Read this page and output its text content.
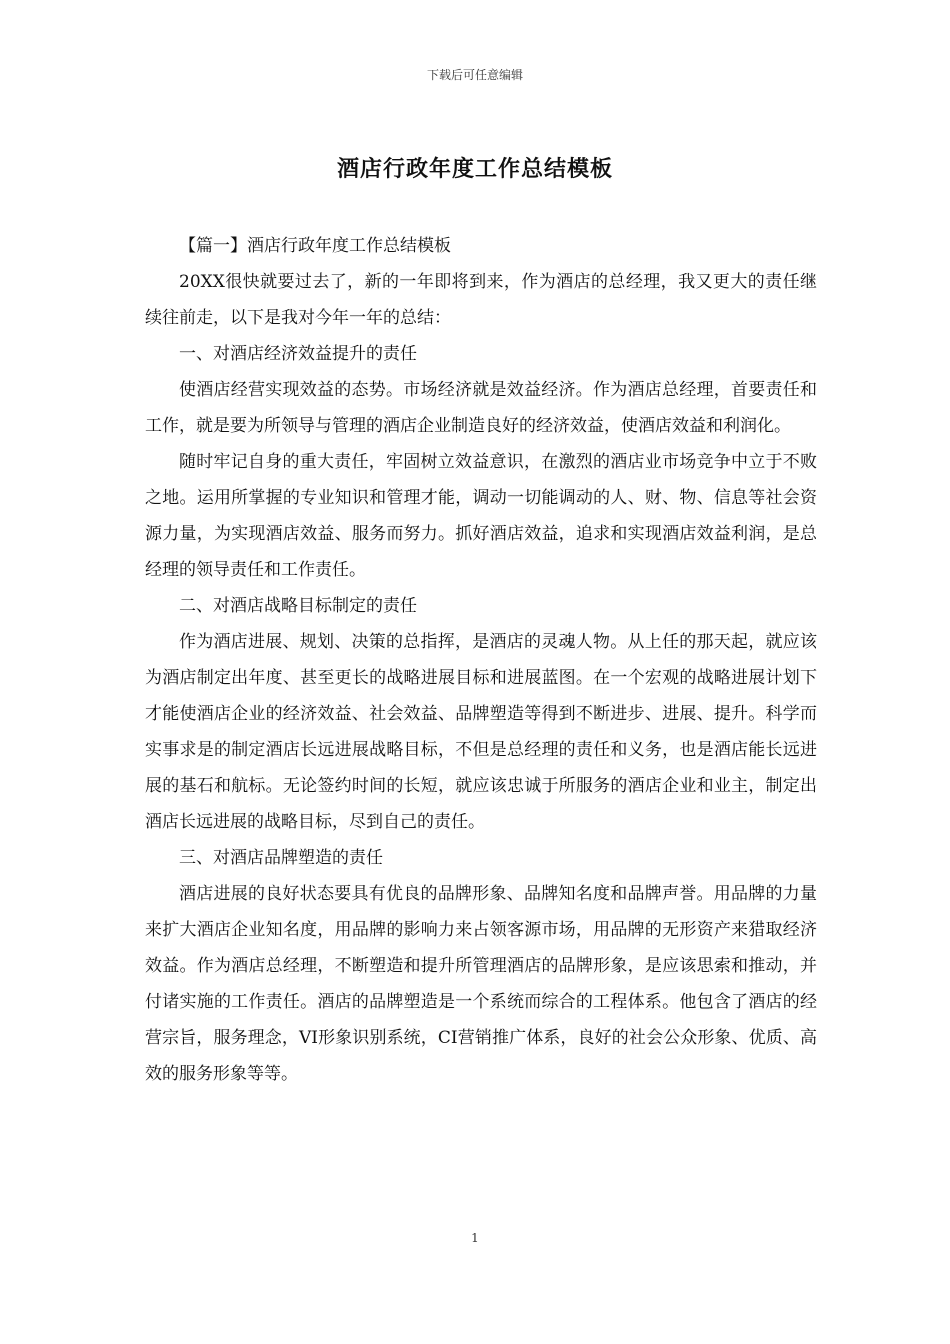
下载后可任意编辑
酒店行政年度工作总结模板

【篇一】酒店行政年度工作总结模板

20XX很快就要过去了，新的一年即将到来，作为酒店的总经理，我又更大的责任继续往前走，以下是我对今年一年的总结：

一、对酒店经济效益提升的责任

使酒店经营实现效益的态势。市场经济就是效益经济。作为酒店总经理，首要责任和工作，就是要为所领导与管理的酒店企业制造良好的经济效益，使酒店效益和利润化。

随时牢记自身的重大责任，牢固树立效益意识，在激烈的酒店业市场竞争中立于不败之地。运用所掌握的专业知识和管理才能，调动一切能调动的人、财、物、信息等社会资源力量，为实现酒店效益、服务而努力。抓好酒店效益，追求和实现酒店效益利润，是总经理的领导责任和工作责任。

二、对酒店战略目标制定的责任

作为酒店进展、规划、决策的总指挥，是酒店的灵魂人物。从上任的那天起，就应该为酒店制定出年度、甚至更长的战略进展目标和进展蓝图。在一个宏观的战略进展计划下才能使酒店企业的经济效益、社会效益、品牌塑造等得到不断进步、进展、提升。科学而实事求是的制定酒店长远进展战略目标，不但是总经理的责任和义务，也是酒店能长远进展的基石和航标。无论签约时间的长短，就应该忠诚于所服务的酒店企业和业主，制定出酒店长远进展的战略目标，尽到自己的责任。

三、对酒店品牌塑造的责任

酒店进展的良好状态要具有优良的品牌形象、品牌知名度和品牌声誉。用品牌的力量来扩大酒店企业知名度，用品牌的影响力来占领客源市场，用品牌的无形资产来猎取经济效益。作为酒店总经理，不断塑造和提升所管理酒店的品牌形象，是应该思索和推动，并付诸实施的工作责任。酒店的品牌塑造是一个系统而综合的工程体系。他包含了酒店的经营宗旨，服务理念，VI形象识别系统，CI营销推广体系，良好的社会公众形象、优质、高效的服务形象等等。

1
